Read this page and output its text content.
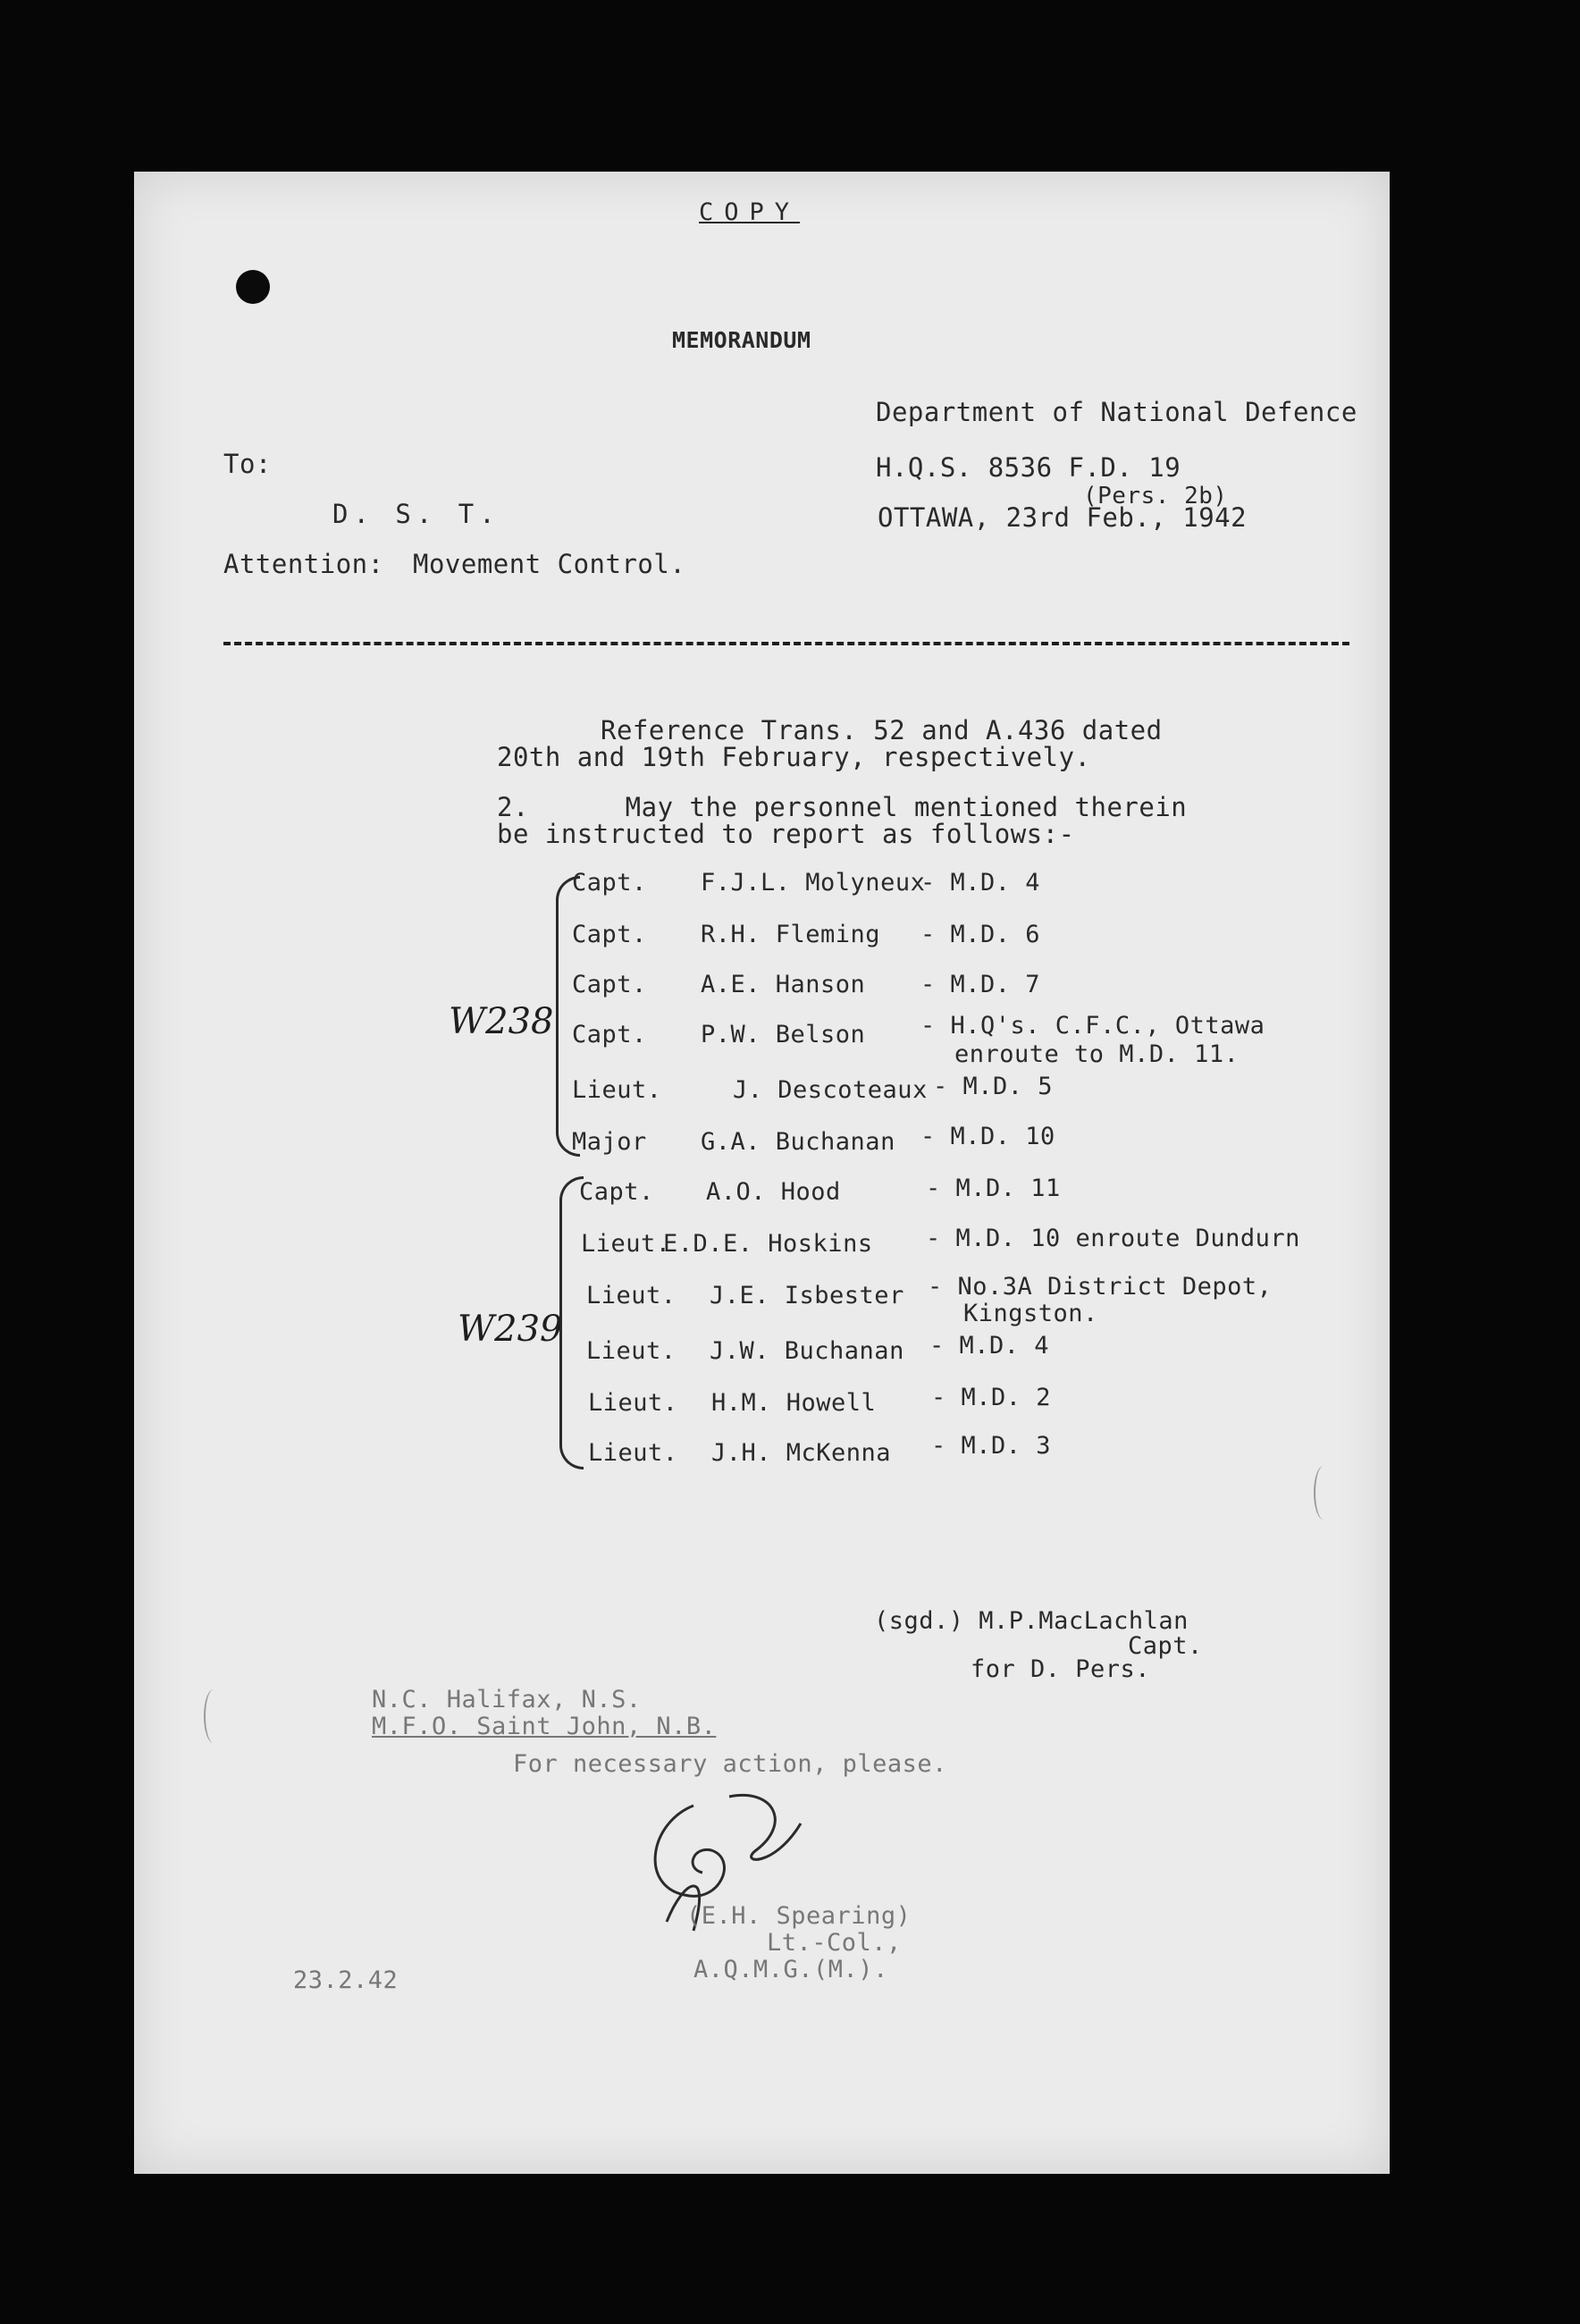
COPY
MEMORANDUM
Department of National Defence
H.Q.S. 8536 F.D. 19
(Pers. 2b)
OTTAWA, 23rd Feb., 1942
To:
D. S. T.
Attention: Movement Control.
Reference Trans. 52 and A.436 dated
20th and 19th February, respectively.
2.      May the personnel mentioned therein
be instructed to report as follows:-
W238
Capt. F.J.L. Molyneux
- M.D. 4
Capt. R.H. Fleming - M.D. 6
Capt. A.E. Hanson - M.D. 7
Capt. P.W. Belson - H.Q's. C.F.C., Ottawa
enroute to M.D. 11.
Lieut.	J. Descoteaux - M.D. 5
Major G.A. Buchanan - M.D. 10
W239
Capt. A.O. Hood	- M.D. 11
Lieut.
E.D.E. Hoskins - M.D. 10 enroute Dundurn
Lieut. J.E. Isbester - No.3A District Depot,
Kingston.
Lieut. J.W. Buchanan - M.D. 4
Lieut. H.M. Howell - M.D. 2
Lieut. J.H. McKenna - M.D. 3
(sgd.) M.P.MacLachlan
Capt.
for D. Pers.
N.C. Halifax, N.S.
M.F.O. Saint John, N.B.
For necessary action, please.
(E.H. Spearing)
Lt.-Col.,
A.Q.M.G.(M.).
23.2.42
